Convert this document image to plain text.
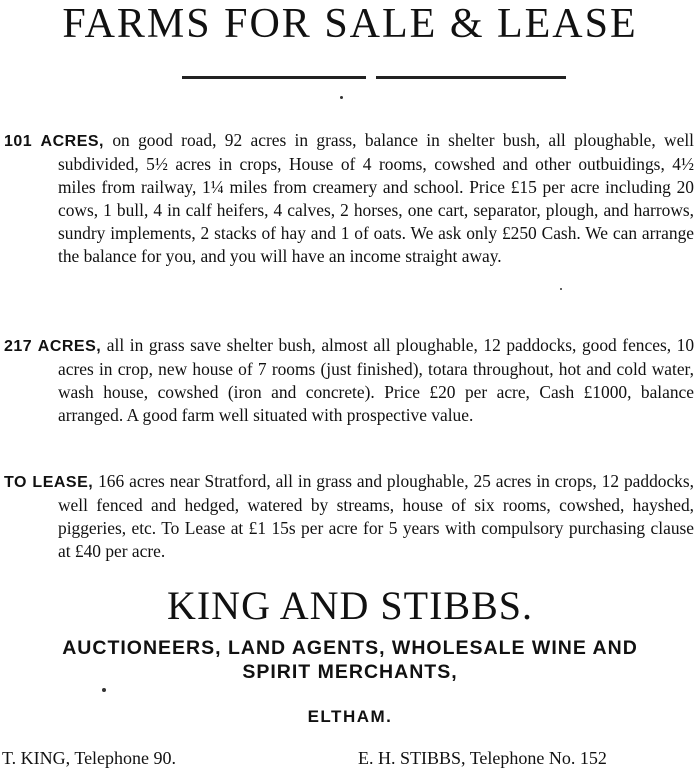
FARMS FOR SALE & LEASE

101 ACRES, on good road, 92 acres in grass, balance in shelter bush, all ploughable, well subdivided, 5½ acres in crops, House of 4 rooms, cowshed and other outbuidings, 4½ miles from railway, 1¼ miles from creamery and school. Price £15 per acre including 20 cows, 1 bull, 4 in calf heifers, 4 calves, 2 horses, one cart, separator, plough, and harrows, sundry implements, 2 stacks of hay and 1 of oats. We ask only £250 Cash. We can arrange the balance for you, and you will have an income straight away.

217 ACRES, all in grass save shelter bush, almost all ploughable, 12 paddocks, good fences, 10 acres in crop, new house of 7 rooms (just finished), totara throughout, hot and cold water, wash house, cowshed (iron and concrete). Price £20 per acre, Cash £1000, balance arranged. A good farm well situated with prospective value.

TO LEASE, 166 acres near Stratford, all in grass and ploughable, 25 acres in crops, 12 paddocks, well fenced and hedged, watered by streams, house of six rooms, cowshed, hayshed, piggeries, etc. To Lease at £1 15s per acre for 5 years with compulsory purchasing clause at £40 per acre.

KING AND STIBBS.
AUCTIONEERS, LAND AGENTS, WHOLESALE WINE AND
SPIRIT MERCHANTS,
ELTHAM.
T. KING, Telephone 90.	E. H. STIBBS, Telephone No. 152
